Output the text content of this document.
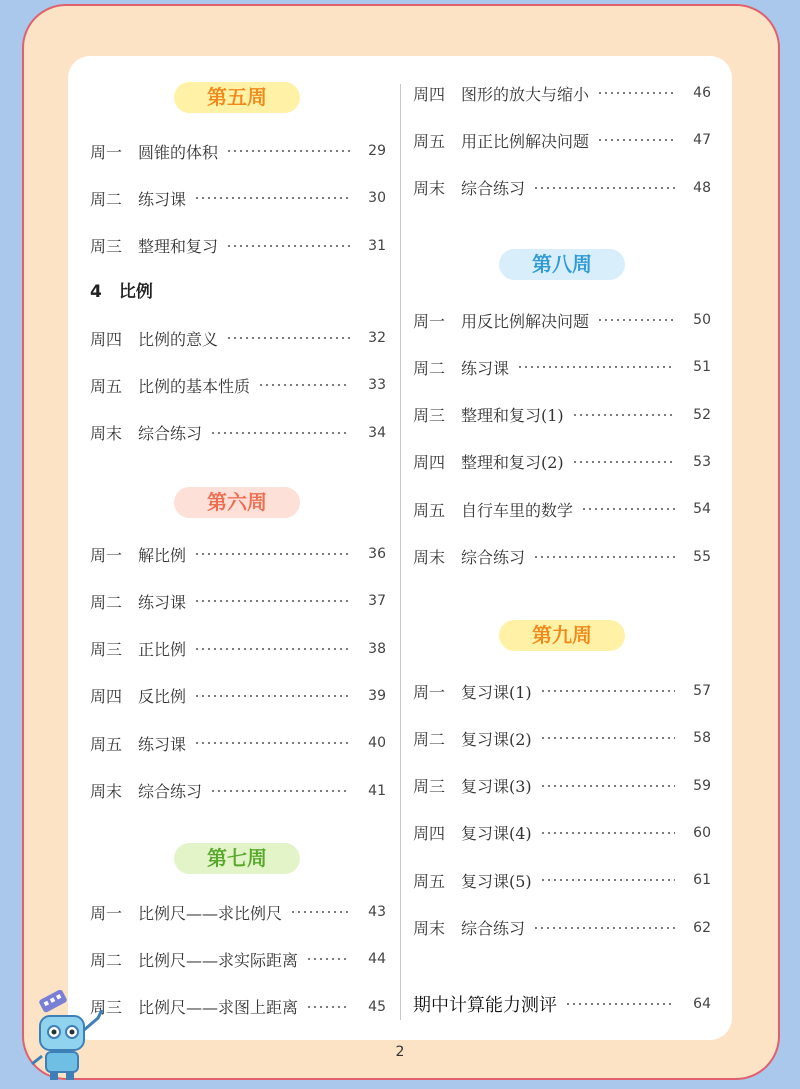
第五周
周一 圆锥的体积	29
周二 练习课	30
周三 整理和复习	31
4　比例
周四 比例的意义	32
周五 比例的基本性质	33
周末 综合练习	34
第六周
周一 解比例	36
周二 练习课	37
周三 正比例	38
周四 反比例	39
周五 练习课	40
周末 综合练习	41
第七周
周一 比例尺——求比例尺	43
周二 比例尺——求实际距离	44
周三 比例尺——求图上距离	45
周四 图形的放大与缩小	46
周五 用正比例解决问题	47
周末 综合练习	48
第八周
周一 用反比例解决问题	50
周二 练习课	51
周三 整理和复习(1)	52
周四 整理和复习(2)	53
周五 自行车里的数学	54
周末 综合练习	55
第九周
周一 复习课(1)	57
周二 复习课(2)	58
周三 复习课(3)	59
周四 复习课(4)	60
周五 复习课(5)	61
周末 综合练习	62
期中计算能力测评	64
2
